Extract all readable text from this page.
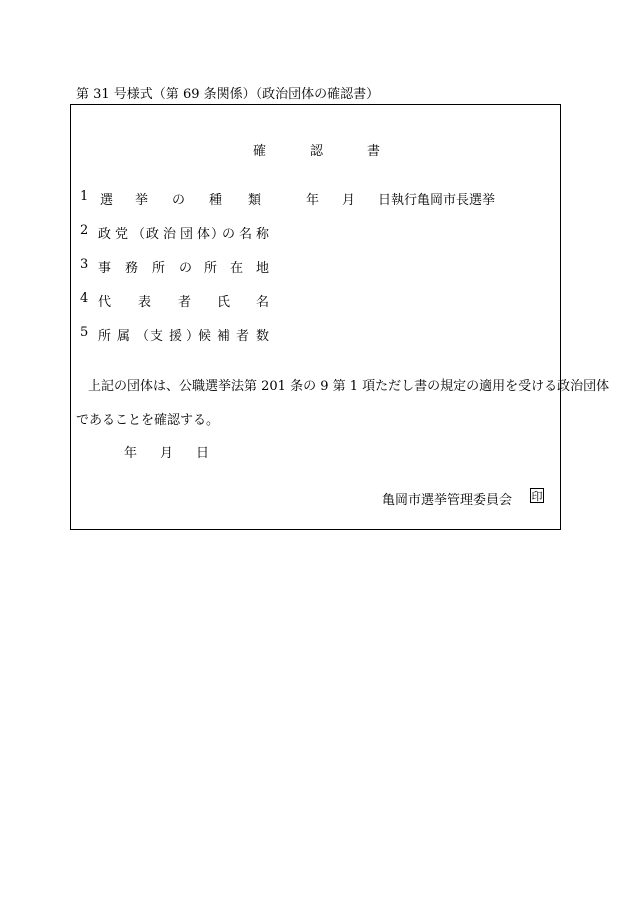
第 31 号様式（第 69 条関係）（政治団体の確認書）
確	認	書
1 選 挙 の 種 類	年 月 日執行亀岡市長選挙
2 政 党 （ 政 治 団 体 ）
の 名 称
3 事 務 所 の 所 在 地
4 代 表 者 氏 名
5 所 属 （ 支 援 ）
候 補 者 数
上記の団体は、公職選挙法第 201 条の 9 第 1 項ただし書の規定の適用を受ける政治団体
であることを確認する。
年 月 日
亀岡市選挙管理委員会 印
